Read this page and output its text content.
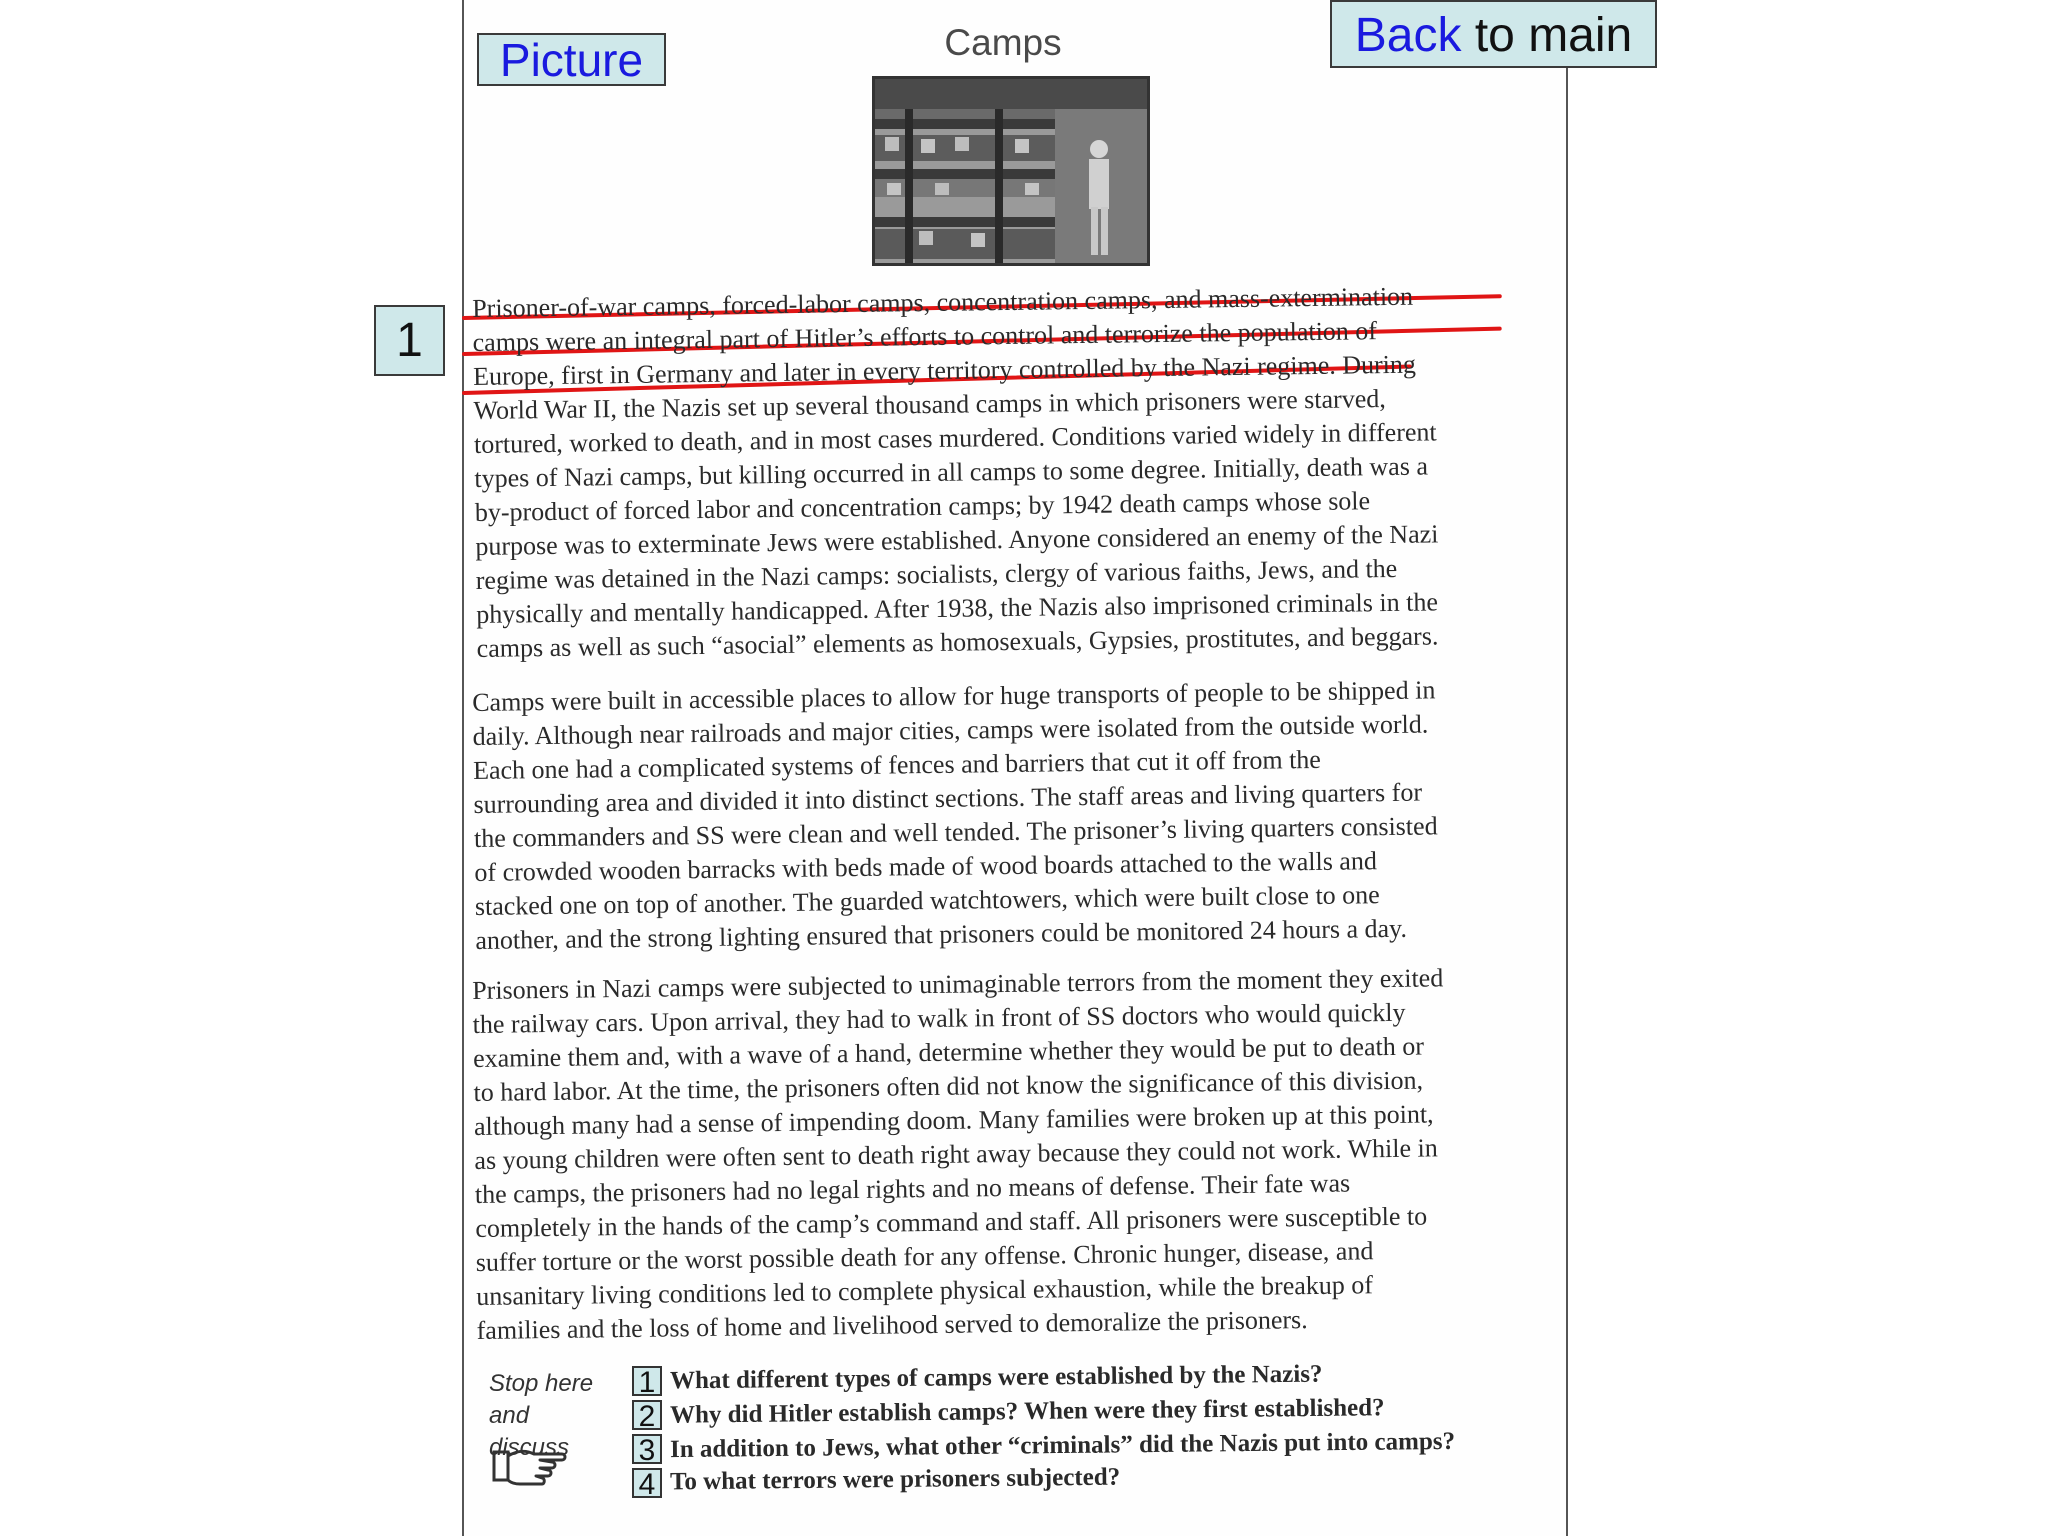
Picture	Back to main
1
Camps
Prisoner-of-war camps, forced-labor camps, concentration camps, and mass-extermination
camps were an integral part of Hitler’s efforts to control and terrorize the population of
Europe, first in Germany and later in every territory controlled by the Nazi regime. During
World War II, the Nazis set up several thousand camps in which prisoners were starved,
tortured, worked to death, and in most cases murdered. Conditions varied widely in different
types of Nazi camps, but killing occurred in all camps to some degree. Initially, death was a
by-product of forced labor and concentration camps; by 1942 death camps whose sole
purpose was to exterminate Jews were established. Anyone considered an enemy of the Nazi
regime was detained in the Nazi camps: socialists, clergy of various faiths, Jews, and the
physically and mentally handicapped. After 1938, the Nazis also imprisoned criminals in the
camps as well as such “asocial” elements as homosexuals, Gypsies, prostitutes, and beggars.
Camps were built in accessible places to allow for huge transports of people to be shipped in
daily. Although near railroads and major cities, camps were isolated from the outside world.
Each one had a complicated systems of fences and barriers that cut it off from the
surrounding area and divided it into distinct sections. The staff areas and living quarters for
the commanders and SS were clean and well tended. The prisoner’s living quarters consisted
of crowded wooden barracks with beds made of wood boards attached to the walls and
stacked one on top of another. The guarded watchtowers, which were built close to one
another, and the strong lighting ensured that prisoners could be monitored 24 hours a day.
Prisoners in Nazi camps were subjected to unimaginable terrors from the moment they exited
the railway cars. Upon arrival, they had to walk in front of SS doctors who would quickly
examine them and, with a wave of a hand, determine whether they would be put to death or
to hard labor. At the time, the prisoners often did not know the significance of this division,
although many had a sense of impending doom. Many families were broken up at this point,
as young children were often sent to death right away because they could not work. While in
the camps, the prisoners had no legal rights and no means of defense. Their fate was
completely in the hands of the camp’s command and staff. All prisoners were susceptible to
suffer torture or the worst possible death for any offense. Chronic hunger, disease, and
unsanitary living conditions led to complete physical exhaustion, while the breakup of
families and the loss of home and livelihood served to demoralize the prisoners.
Stop here
and discuss
1 What different types of camps were established by the Nazis?
2 Why did Hitler establish camps? When were they first established?
3 In addition to Jews, what other “criminals” did the Nazis put into camps?
4 To what terrors were prisoners subjected?
